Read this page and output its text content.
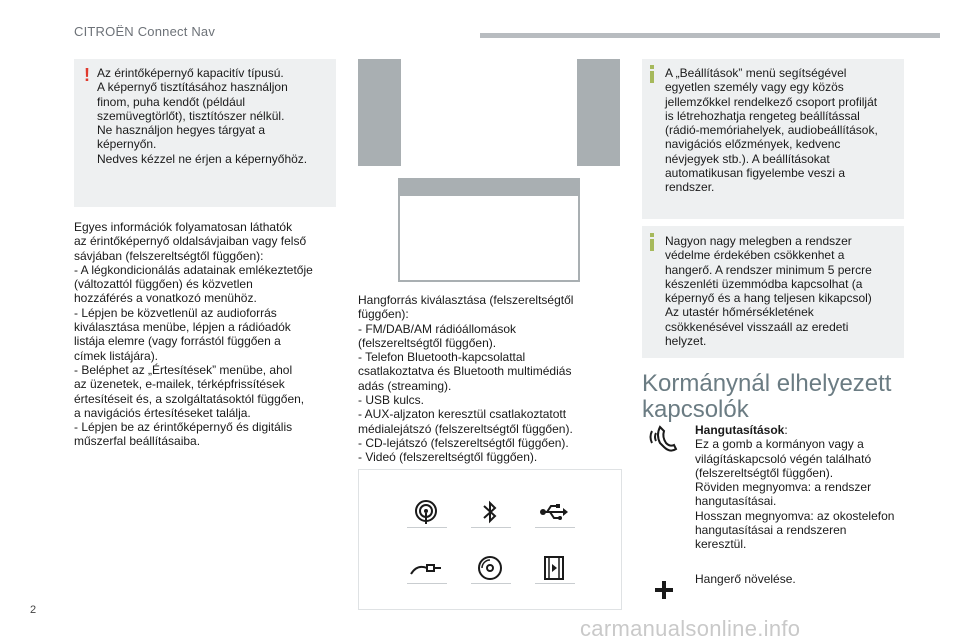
CITROËN Connect Nav
! Az érintőképernyő kapacitív típusú.
A képernyő tisztításához használjon
finom, puha kendőt (például
szemüvegtörlőt), tisztítószer nélkül.
Ne használjon hegyes tárgyat a
képernyőn.
Nedves kézzel ne érjen a képernyőhöz.
Egyes információk folyamatosan láthatók
az érintőképernyő oldalsávjaiban vagy felső
sávjában (felszereltségtől függően):
- A légkondicionálás adatainak emlékeztetője
(változattól függően) és közvetlen
hozzáférés a vonatkozó menühöz.
- Lépjen be közvetlenül az audioforrás
kiválasztása menübe, lépjen a rádióadók
listája elemre (vagy forrástól függően a
címek listájára).
- Beléphet az „Értesítések” menübe, ahol
az üzenetek, e-mailek, térképfrissítések
értesítéseit és, a szolgáltatásoktól függően,
a navigációs értesítéseket találja.
- Lépjen be az érintőképernyő és digitális
műszerfal beállításaiba.
Hangforrás kiválasztása (felszereltségtől
függően):
- FM/DAB/AM rádióállomások
(felszereltségtől függően).
- Telefon Bluetooth-kapcsolattal
csatlakoztatva és Bluetooth multimédiás
adás (streaming).
- USB kulcs.
- AUX-aljzaton keresztül csatlakoztatott
médialejátszó (felszereltségtől függően).
- CD-lejátszó (felszereltségtől függően).
- Videó (felszereltségtől függően).
A „Beállítások” menü segítségével
egyetlen személy vagy egy közös
jellemzőkkel rendelkező csoport profilját
is létrehozhatja rengeteg beállítással
(rádió-memóriahelyek, audiobeállítások,
navigációs előzmények, kedvenc
névjegyek stb.). A beállításokat
automatikusan figyelembe veszi a
rendszer.
Nagyon nagy melegben a rendszer
védelme érdekében csökkenhet a
hangerő. A rendszer minimum 5 percre
készenléti üzemmódba kapcsolhat (a
képernyő és a hang teljesen kikapcsol)
Az utastér hőmérsékletének
csökkenésével visszaáll az eredeti
helyzet.
Kormánynál elhelyezett
kapcsolók
Hangutasítások:
Ez a gomb a kormányon vagy a
világításkapcsoló végén található
(felszereltségtől függően).
Röviden megnyomva: a rendszer
hangutasításai.
Hosszan megnyomva: az okostelefon
hangutasításai a rendszeren
keresztül.
Hangerő növelése.
2
carmanualsonline.info
